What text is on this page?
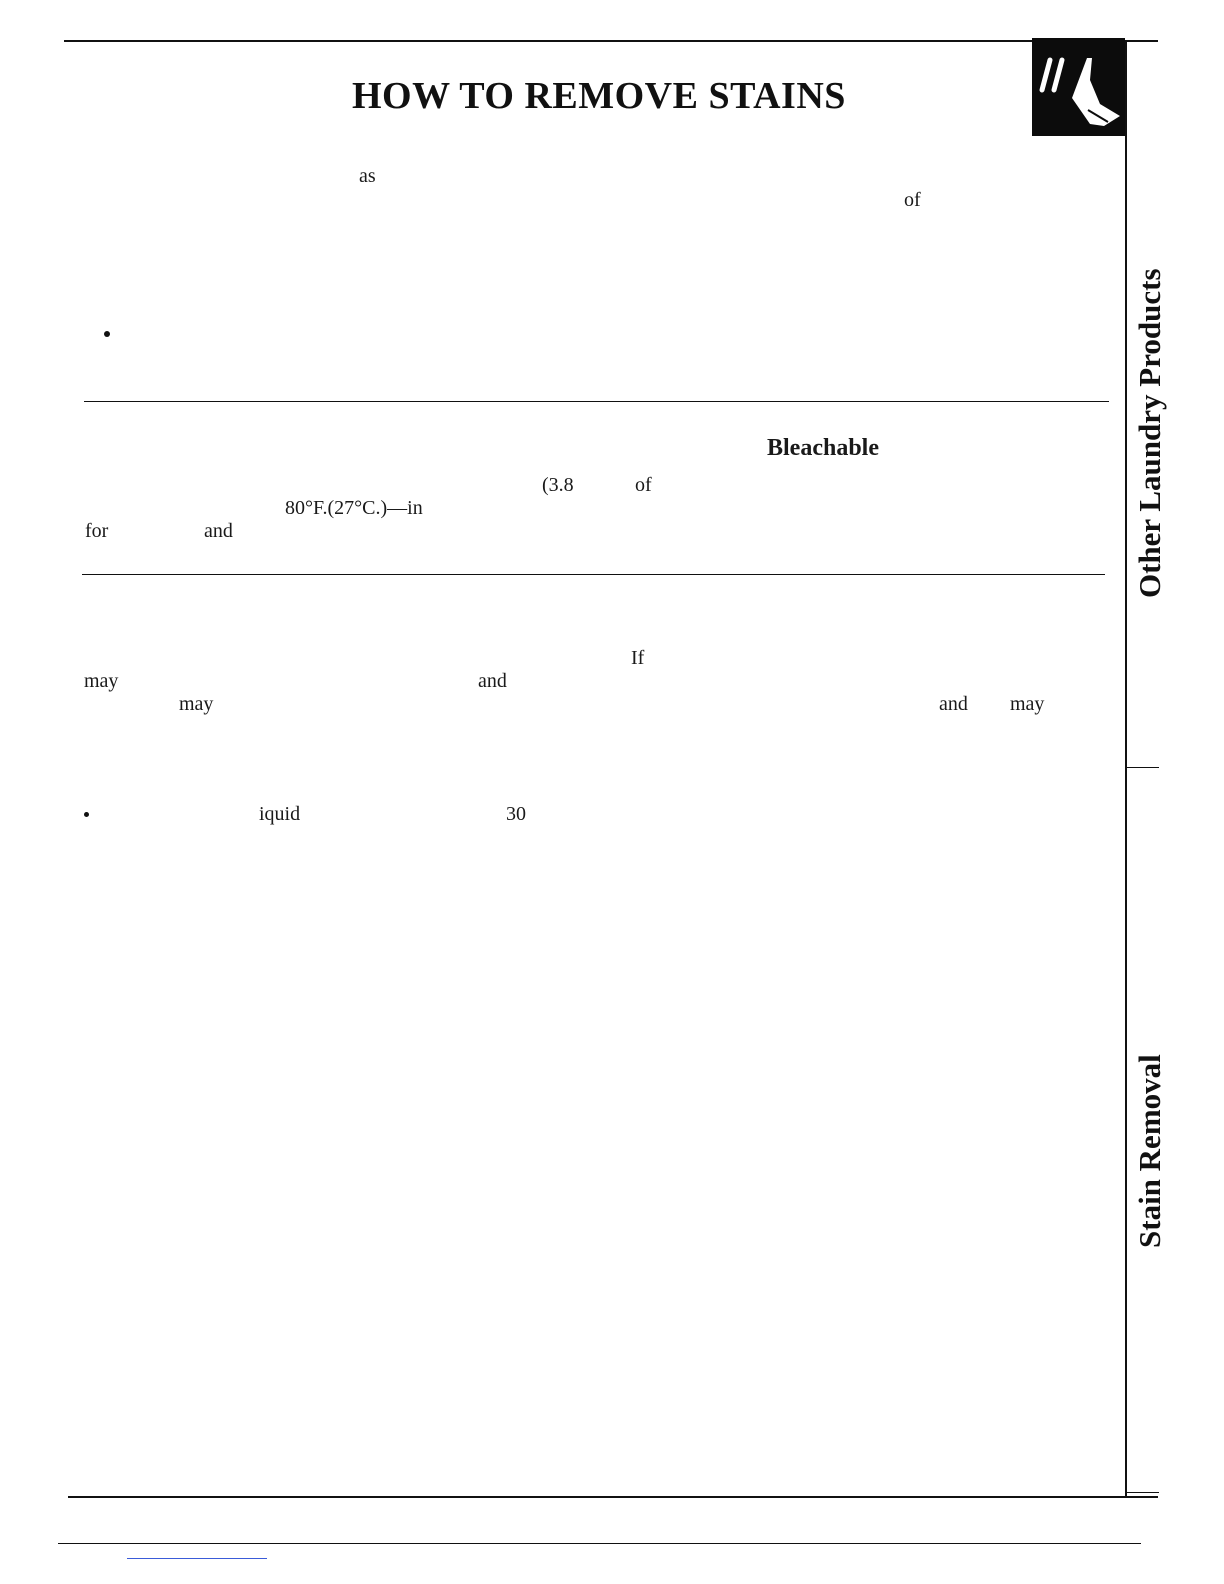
HOW TO REMOVE STAINS
Other Laundry Products
Stain Removal
as
of
Bleachable
(3.8	of
80°F.(27°C.)—in
for	and
If
may	and
may	and may
iquid	30
